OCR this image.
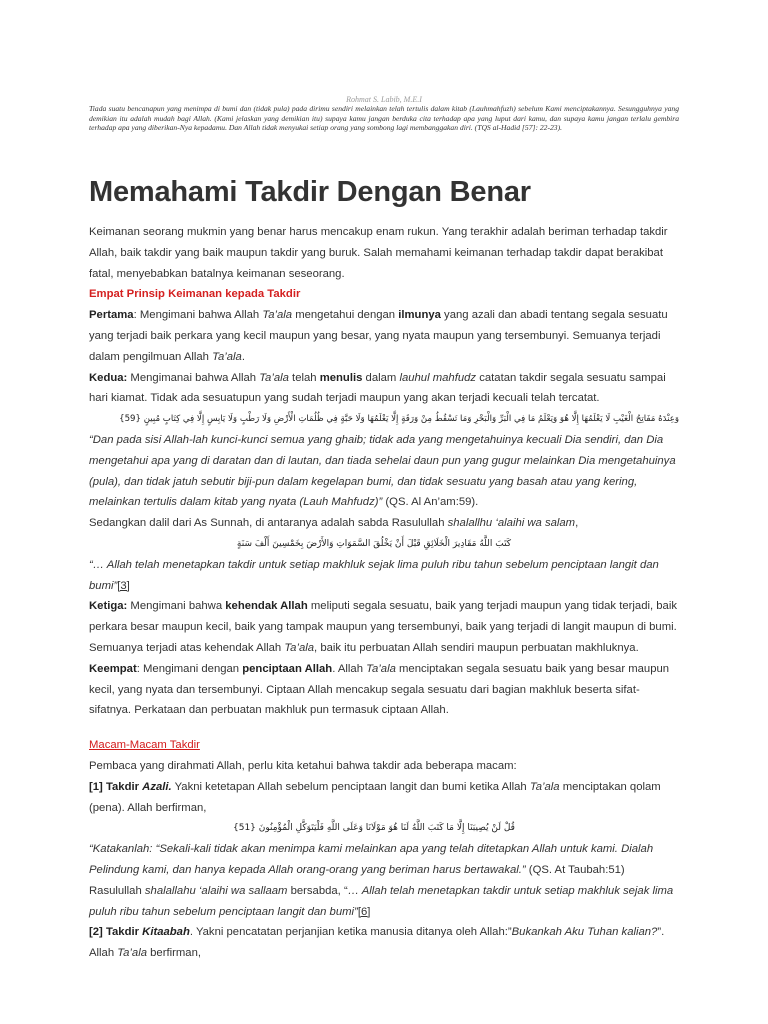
Rohmat S. Labib, M.E.I
Tiada suatu bencanapun yang menimpa di bumi dan (tidak pula) pada dirimu sendiri melainkan telah tertulis dalam kitab (Lauhmahfuzh) sebelum Kami menciptakannya. Sesungguhnya yang demikian itu adalah mudah bagi Allah. (Kami jelaskan yang demikian itu) supaya kamu jangan berduka cita terhadap apa yang luput dari kamu, dan supaya kamu jangan terlalu gembira terhadap apa yang diberikan-Nya kepadamu. Dan Allah tidak menyukai setiap orang yang sombong lagi membanggakan diri. (TQS al-Hadid [57]: 22-23).
Memahami Takdir Dengan Benar

Keimanan seorang mukmin yang benar harus mencakup enam rukun. Yang terakhir adalah beriman terhadap takdir Allah, baik takdir yang baik maupun takdir yang buruk. Salah memahami keimanan terhadap takdir dapat berakibat fatal, menyebabkan batalnya keimanan seseorang.

Empat Prinsip Keimanan kepada Takdir

Pertama: Mengimani bahwa Allah Ta’ala mengetahui dengan ilmunya yang azali dan abadi tentang segala sesuatu yang terjadi baik perkara yang kecil maupun yang besar, yang nyata maupun yang tersembunyi. Semuanya terjadi dalam pengilmuan Allah Ta’ala.

Kedua: Mengimanai bahwa Allah Ta’ala telah menulis dalam lauhul mahfudz catatan takdir segala sesuatu sampai hari kiamat. Tidak ada sesuatupun yang sudah terjadi maupun yang akan terjadi kecuali telah tercatat.

وَعِنْدَهُ مَفَاتِحُ الْغَيْبِ لَا يَعْلَمُهَا إِلَّا هُوَ وَيَعْلَمُ مَا فِي الْبَرِّ وَالْبَحْرِ وَمَا تَسْقُطُ مِنْ وَرَقَةٍ إِلَّا يَعْلَمُهَا وَلَا حَبَّةٍ فِي ظُلُمَاتِ الْأَرْضِ وَلَا رَطْبٍ وَلَا يَابِسٍ إِلَّا فِي كِتَابٍ مُبِينٍ {59}

“Dan pada sisi Allah-lah kunci-kunci semua yang ghaib; tidak ada yang mengetahuinya kecuali Dia sendiri, dan Dia mengetahui apa yang di daratan dan di lautan, dan tiada sehelai daun pun yang gugur melainkan Dia mengetahuinya (pula), dan tidak jatuh sebutir biji-pun dalam kegelapan bumi, dan tidak sesuatu yang basah atau yang kering, melainkan tertulis dalam kitab yang nyata (Lauh Mahfudz)” (QS. Al An’am:59).

Sedangkan dalil dari As Sunnah, di antaranya adalah sabda Rasulullah shalallhu ‘alaihi wa salam,

كَتَبَ اللَّهُ مَقَادِيرَ الْخَلَائِقِ قَبْلَ أَنْ يَخْلُقَ السَّمَوَاتِ وَالأَرْضَ بِخَمْسِينَ أَلْفَ سَنَةٍ

“… Allah telah menetapkan takdir untuk setiap makhluk sejak lima puluh ribu tahun sebelum penciptaan langit dan bumi”[3]

Ketiga: Mengimani bahwa kehendak Allah meliputi segala sesuatu, baik yang terjadi maupun yang tidak terjadi, baik perkara besar maupun kecil, baik yang tampak maupun yang tersembunyi, baik yang terjadi di langit maupun di bumi. Semuanya terjadi atas kehendak Allah Ta’ala, baik itu perbuatan Allah sendiri maupun perbuatan makhluknya.

Keempat: Mengimani dengan penciptaan Allah. Allah Ta’ala menciptakan segala sesuatu baik yang besar maupun kecil, yang nyata dan tersembunyi. Ciptaan Allah mencakup segala sesuatu dari bagian makhluk beserta sifat-sifatnya. Perkataan dan perbuatan makhluk pun termasuk ciptaan Allah.

Macam-Macam Takdir

Pembaca yang dirahmati Allah, perlu kita ketahui bahwa takdir ada beberapa macam:

[1] Takdir Azali. Yakni ketetapan Allah sebelum penciptaan langit dan bumi ketika Allah Ta’ala menciptakan qolam (pena). Allah berfirman,

قُلْ لَنْ يُصِيبَنَا إِلَّا مَا كَتَبَ اللَّهُ لَنَا هُوَ مَوْلَانَا وَعَلَى اللَّهِ فَلْيَتَوَكَّلِ الْمُؤْمِنُونَ {51}

“Katakanlah: “Sekali-kali tidak akan menimpa kami melainkan apa yang telah ditetapkan Allah untuk kami. Dialah Pelindung kami, dan hanya kepada Allah orang-orang yang beriman harus bertawakal.” (QS. At Taubah:51)

Rasulullah shalallahu ‘alaihi wa sallaam bersabda, “… Allah telah menetapkan takdir untuk setiap makhluk sejak lima puluh ribu tahun sebelum penciptaan langit dan bumi”[6]

[2] Takdir Kitaabah. Yakni pencatatan perjanjian ketika manusia ditanya oleh Allah:”Bukankah Aku Tuhan kalian?”. Allah Ta’ala berfirman,
